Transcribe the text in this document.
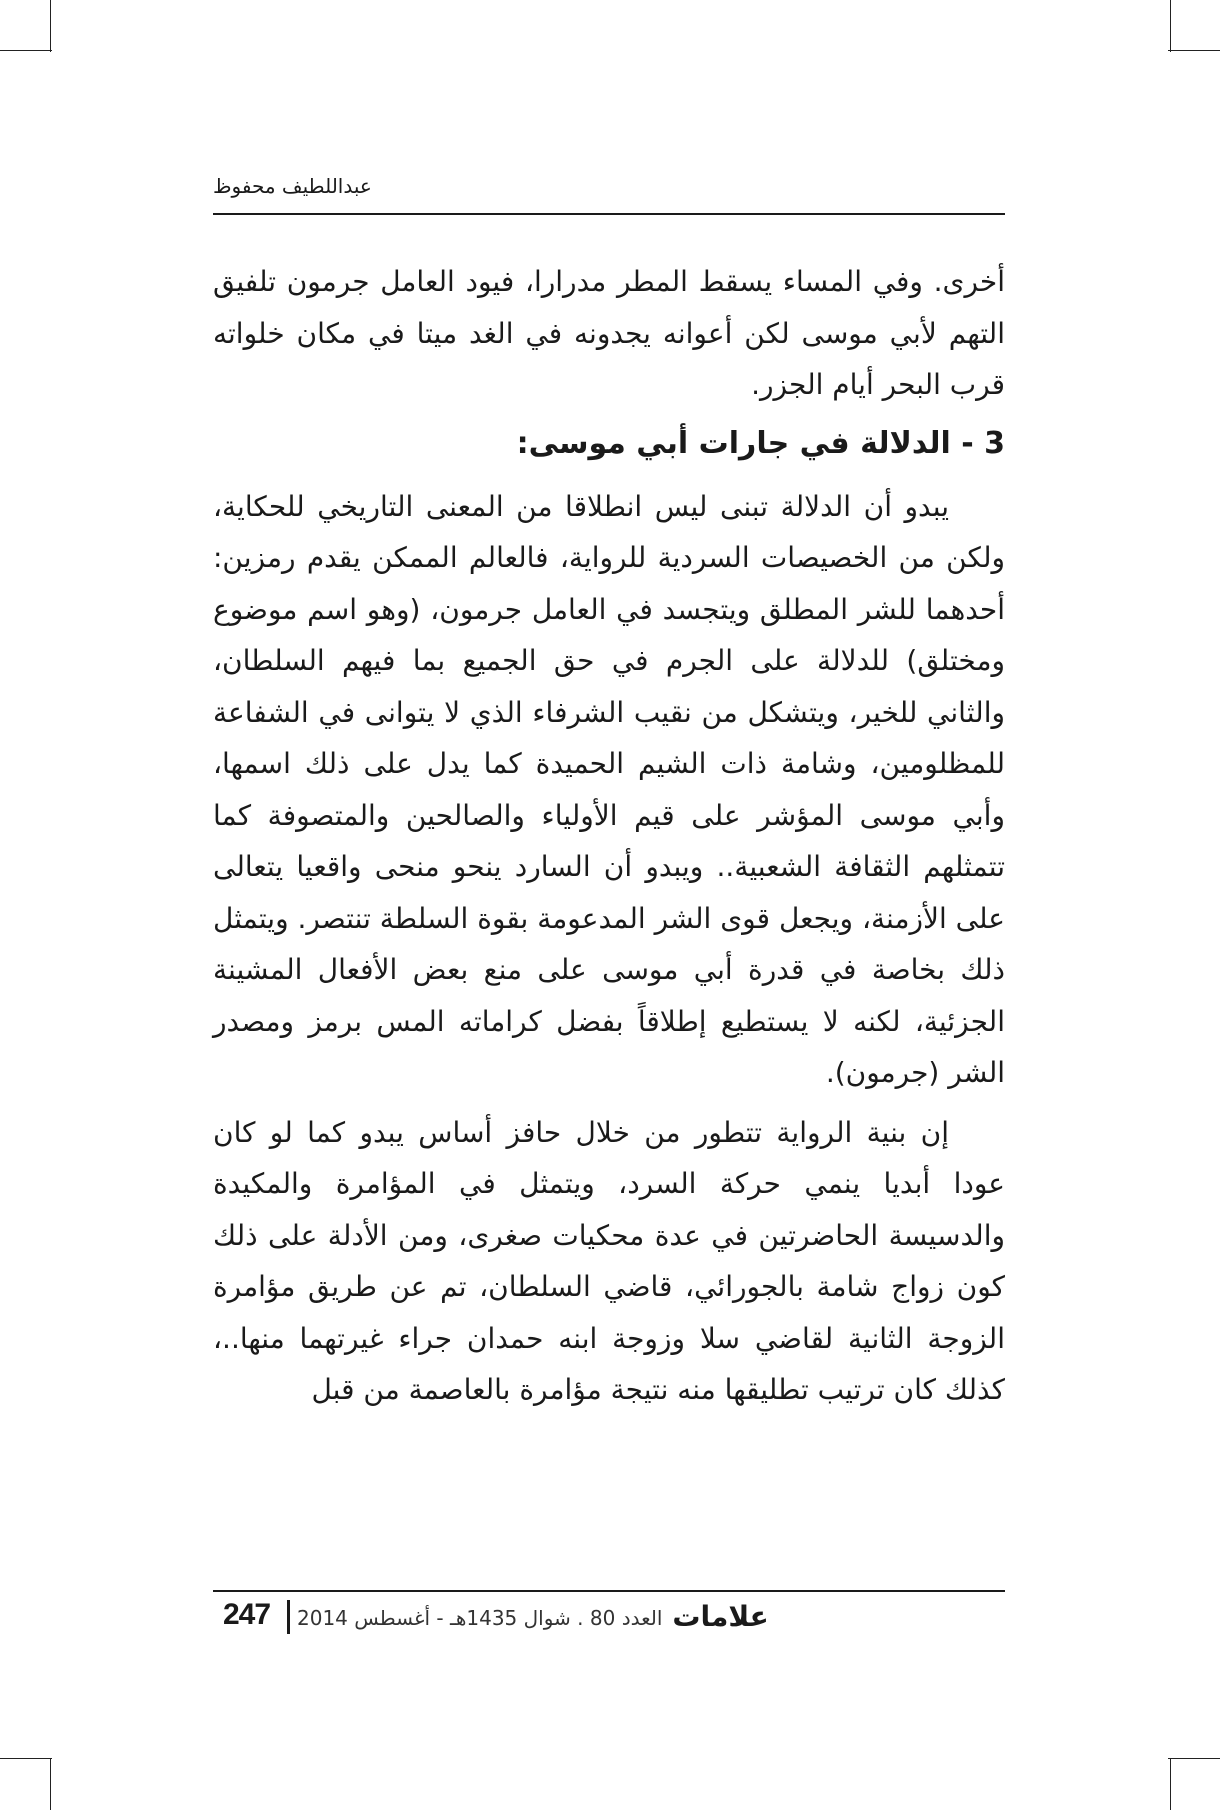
عبداللطيف محفوظ

أخرى. وفي المساء يسقط المطر مدرارا، فيود العامل جرمون تلفيق التهم لأبي موسى لكن أعوانه يجدونه في الغد ميتا في مكان خلواته قرب البحر أيام الجزر.

3 - الدلالة في جارات أبي موسى:

يبدو أن الدلالة تبنى ليس انطلاقا من المعنى التاريخي للحكاية، ولكن من الخصيصات السردية للرواية، فالعالم الممكن يقدم رمزين: أحدهما للشر المطلق ويتجسد في العامل جرمون، (وهو اسم موضوع ومختلق) للدلالة على الجرم في حق الجميع بما فيهم السلطان، والثاني للخير، ويتشكل من نقيب الشرفاء الذي لا يتوانى في الشفاعة للمظلومين، وشامة ذات الشيم الحميدة كما يدل على ذلك اسمها، وأبي موسى المؤشر على قيم الأولياء والصالحين والمتصوفة كما تتمثلهم الثقافة الشعبية.. ويبدو أن السارد ينحو منحى واقعيا يتعالى على الأزمنة، ويجعل قوى الشر المدعومة بقوة السلطة تنتصر. ويتمثل ذلك بخاصة في قدرة أبي موسى على منع بعض الأفعال المشينة الجزئية، لكنه لا يستطيع إطلاقاً بفضل كراماته المس برمز ومصدر الشر (جرمون).

إن بنية الرواية تتطور من خلال حافز أساس يبدو كما لو كان عودا أبديا ينمي حركة السرد، ويتمثل في المؤامرة والمكيدة والدسيسة الحاضرتين في عدة محكيات صغرى، ومن الأدلة على ذلك كون زواج شامة بالجورائي، قاضي السلطان، تم عن طريق مؤامرة الزوجة الثانية لقاضي سلا وزوجة ابنه حمدان جراء غيرتهما منها..، كذلك كان ترتيب تطليقها منه نتيجة مؤامرة بالعاصمة من قبل

247 العدد 80 . شوال 1435هـ - أغسطس 2014 علامات
